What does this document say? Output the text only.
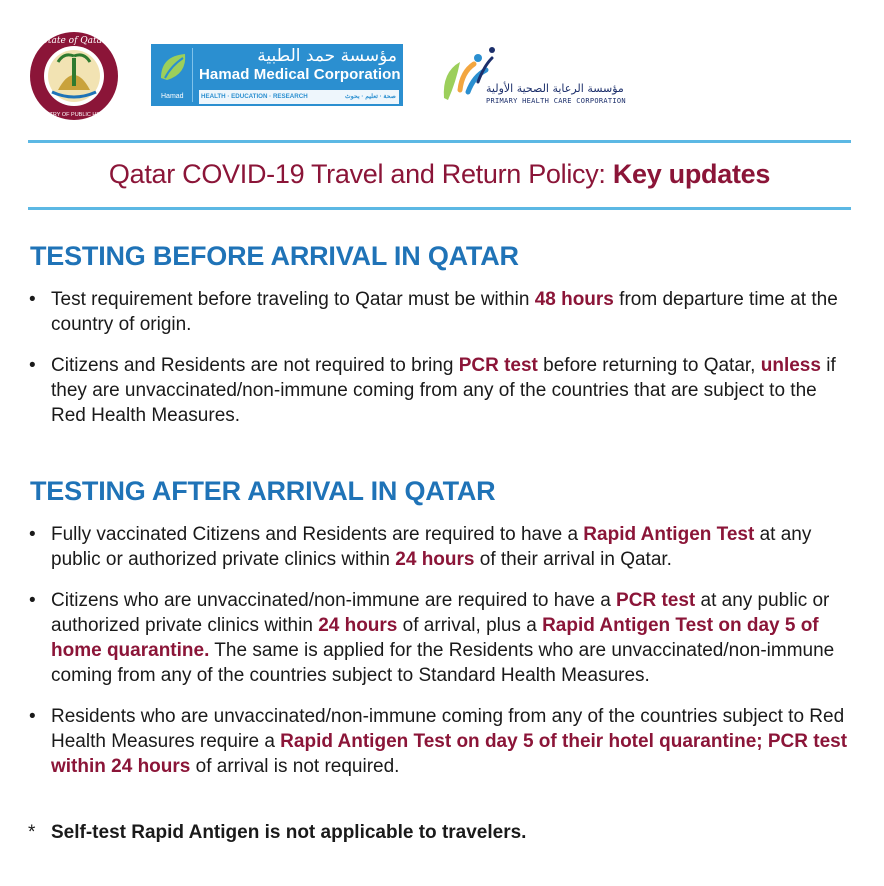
State of Qatar
MINISTRY OF PUBLIC HEALTH
Hamad
مؤسسة حمد الطبية
Hamad Medical Corporation
HEALTH · EDUCATION · RESEARCH	صحة · تعليم · بحوث
مؤسسة الرعاية الصحية الأولية
PRIMARY HEALTH CARE CORPORATION
Qatar COVID-19 Travel and Return Policy: Key updates
TESTING BEFORE ARRIVAL IN QATAR
• Test requirement before traveling to Qatar must be within 48 hours from departure time at the country of origin.
• Citizens and Residents are not required to bring PCR test before returning to Qatar, unless if they are unvaccinated/non-immune coming from any of the countries that are subject to the Red Health Measures.
TESTING AFTER ARRIVAL IN QATAR
• Fully vaccinated Citizens and Residents are required to have a Rapid Antigen Test at any public or authorized private clinics within 24 hours of their arrival in Qatar.
• Citizens who are unvaccinated/non-immune are required to have a PCR test at any public or authorized private clinics within 24 hours of arrival, plus a Rapid Antigen Test on day 5 of home quarantine. The same is applied for the Residents who are unvaccinated/non-immune coming from any of the countries subject to Standard Health Measures.
• Residents who are unvaccinated/non-immune coming from any of the countries subject to Red Health Measures require a Rapid Antigen Test on day 5 of their hotel quarantine; PCR test within 24 hours of arrival is not required.
* Self-test Rapid Antigen is not applicable to travelers.
